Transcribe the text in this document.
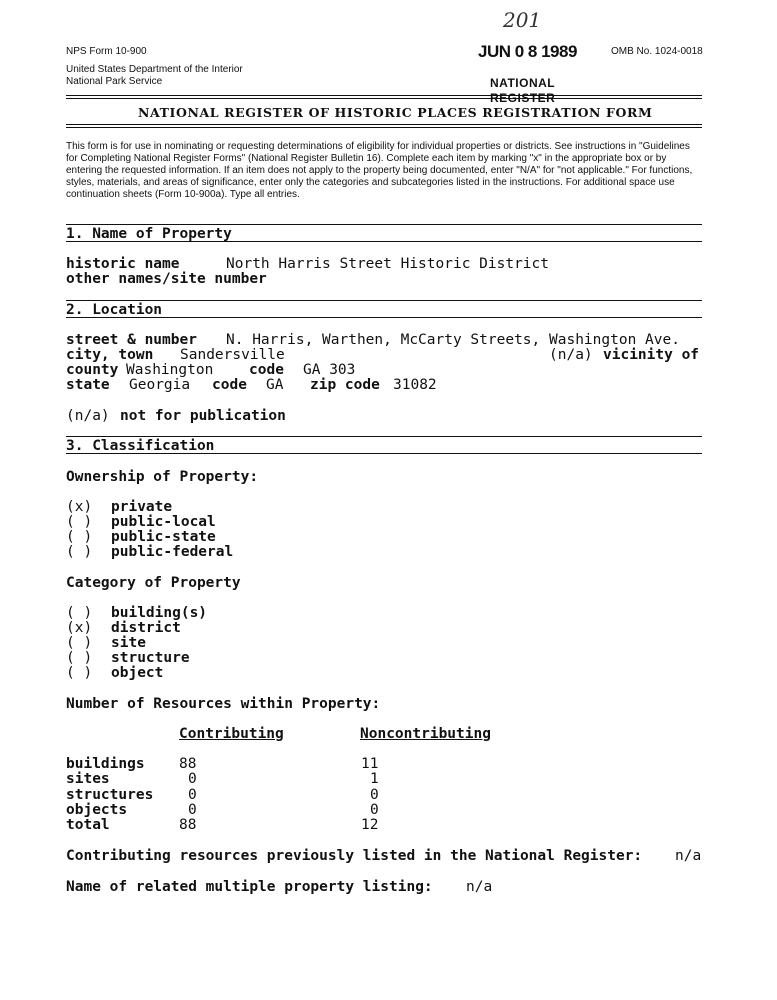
NPS Form 10-900	OMB No. 1024-0018
United States Department of the Interior
National Park Service
201
JUN 0 8 1989
NATIONAL
REGISTER
NATIONAL REGISTER OF HISTORIC PLACES REGISTRATION FORM
This form is for use in nominating or requesting determinations of eligibility for individual properties or districts. See instructions in "Guidelines for Completing National Register Forms" (National Register Bulletin 16). Complete each item by marking "x" in the appropriate box or by entering the requested information. If an item does not apply to the property being documented, enter "N/A" for "not applicable." For functions, styles, materials, and areas of significance, enter only the categories and subcategories listed in the instructions. For additional space use continuation sheets (Form 10-900a). Type all entries.
1. Name of Property
historic name	North Harris Street Historic District
other names/site number
2. Location
street & number N. Harris, Warthen, McCarty Streets, Washington Ave.
city, town Sandersville	(n/a) vicinity of
county Washington code GA 303
state Georgia code GA zip code 31082
(n/a) not for publication
3. Classification
Ownership of Property:
(x) private
( ) public-local
( ) public-state
( ) public-federal
Category of Property
( ) building(s)
(x) district
( ) site
( ) structure
( ) object
Number of Resources within Property:
Contributing	Noncontributing
buildings 88	11
sites	0	1
structures 0	0
objects	0	0
total	88	12
Contributing resources previously listed in the National Register: n/a
Name of related multiple property listing: n/a
